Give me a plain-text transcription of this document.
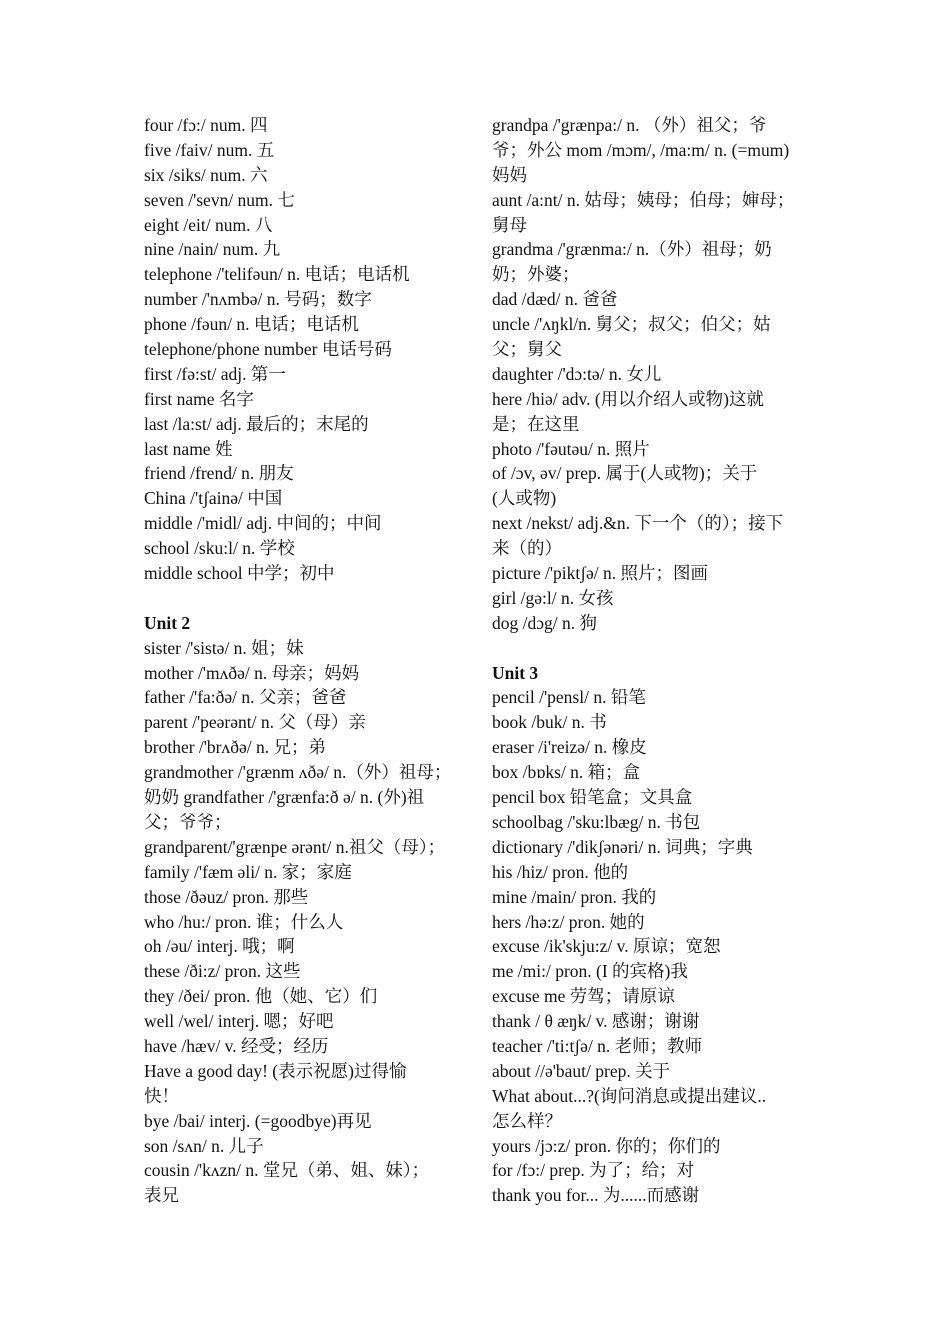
four /fɔ:/ num. 四
five /faiv/ num. 五
six /siks/ num. 六
seven /'sevn/ num. 七
eight /eit/ num. 八
nine /nain/ num. 九
telephone /'telifəun/ n. 电话；电话机
number /'nʌmbə/ n. 号码；数字
phone /fəun/ n. 电话；电话机
telephone/phone number 电话号码
first /fə:st/ adj. 第一
first name 名字
last /la:st/ adj. 最后的；末尾的
last name 姓
friend /frend/ n. 朋友
China /'tʃainə/ 中国
middle /'midl/ adj. 中间的；中间
school /sku:l/ n. 学校
middle school 中学；初中
Unit 2
sister /'sistə/ n. 姐；妹
mother /'mʌðə/ n. 母亲；妈妈
father /'fa:ðə/ n. 父亲；爸爸
parent /'peərənt/ n. 父（母）亲
brother /'brʌðə/ n. 兄；弟
grandmother /'grænm ʌðə/ n.（外）祖母；
奶奶 grandfather /'grænfa:ð ə/ n. (外)祖
父；爷爷；
grandparent/'grænpe ərənt/ n.祖父（母）；
family /'fæm əli/ n. 家；家庭
those /ðəuz/ pron. 那些
who /hu:/ pron. 谁；什么人
oh /əu/ interj. 哦；啊
these /ði:z/ pron. 这些
they /ðei/ pron. 他（她、它）们
well /wel/ interj. 嗯；好吧
have /hæv/ v. 经受；经历
Have a good day! (表示祝愿)过得愉
快！
bye /bai/ interj. (=goodbye)再见
son /sʌn/ n. 儿子
cousin /'kʌzn/ n. 堂兄（弟、姐、妹）；
表兄
grandpa /'grænpa:/ n. （外）祖父；爷
爷；外公 mom /mɔm/, /ma:m/ n. (=mum)
妈妈
aunt /a:nt/ n. 姑母；姨母；伯母；婶母；
舅母
grandma /'grænma:/ n.（外）祖母；奶
奶；外婆；
dad /dæd/ n. 爸爸
uncle /'ʌŋkl/n. 舅父；叔父；伯父；姑
父；舅父
daughter /'dɔ:tə/ n. 女儿
here /hiə/ adv. (用以介绍人或物)这就
是；在这里
photo /'fəutəu/ n. 照片
of /ɔv, əv/ prep. 属于(人或物)；关于
(人或物)
next /nekst/ adj.&n. 下一个（的）；接下
来（的）
picture /'piktʃə/ n. 照片；图画
girl /gə:l/ n. 女孩
dog /dɔg/ n. 狗
Unit 3
pencil /'pensl/ n. 铅笔
book /buk/ n. 书
eraser /i'reizə/ n. 橡皮
box /bɒks/ n. 箱；盒
pencil box 铅笔盒；文具盒
schoolbag /'sku:lbæg/ n. 书包
dictionary /'dikʃənəri/ n. 词典；字典
his /hiz/ pron. 他的
mine /main/ pron. 我的
hers /hə:z/ pron. 她的
excuse /ik'skju:z/ v. 原谅；宽恕
me /mi:/ pron. (I 的宾格)我
excuse me 劳驾；请原谅
thank / θ æŋk/ v. 感谢；谢谢
teacher /'ti:tʃə/ n. 老师；教师
about //ə'baut/ prep. 关于
What about...?(询问消息或提出建议..
怎么样？
yours /jɔ:z/ pron. 你的；你们的
for /fɔ:/ prep. 为了；给；对
thank you for... 为......而感谢
